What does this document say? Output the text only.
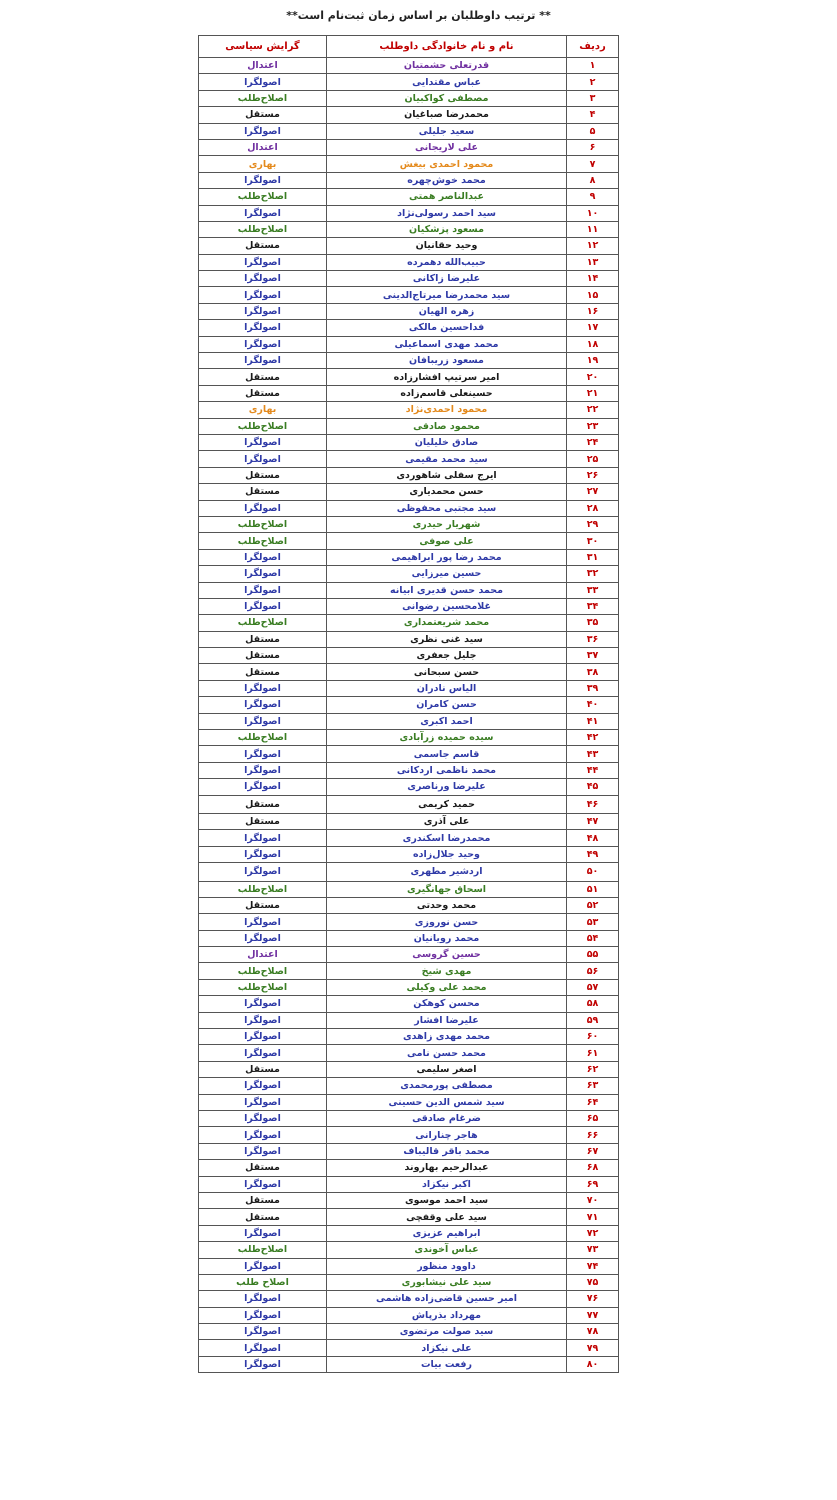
** ترتیب داوطلبان بر اساس زمان ثبت‌نام است**
ردیف	نام و نام خانوادگی داوطلب	گرایش سیاسی
۱	قدرتعلی حشمتیان	اعتدال
۲	عباس مقتدایی	اصولگرا
۳	مصطفی کواکبیان	اصلاح‌طلب
۴	محمدرضا صباغیان	مستقل
۵	سعید جلیلی	اصولگرا
۶	علی لاریجانی	اعتدال
۷	محمود احمدی بیغش	بهاری
۸	محمد خوش‌چهره	اصولگرا
۹	عبدالناصر همتی	اصلاح‌طلب
۱۰	سید احمد رسولی‌نژاد	اصولگرا
۱۱	مسعود پزشکیان	اصلاح‌طلب
۱۲	وحید حقانیان	مستقل
۱۳	حبیب‌الله دهمرده	اصولگرا
۱۴	علیرضا زاکانی	اصولگرا
۱۵	سید محمدرضا میرتاج‌الدینی	اصولگرا
۱۶	زهره الهیان	اصولگرا
۱۷	فداحسین مالکی	اصولگرا
۱۸	محمد مهدی اسماعیلی	اصولگرا
۱۹	مسعود زریبافان	اصولگرا
۲۰	امیر سرتیپ افشارزاده	مستقل
۲۱	حسینعلی قاسم‌زاده	مستقل
۲۲	محمود احمدی‌نژاد	بهاری
۲۳	محمود صادقی	اصلاح‌طلب
۲۴	صادق خلیلیان	اصولگرا
۲۵	سید محمد مقیمی	اصولگرا
۲۶	ایرج سفلی شاهوردی	مستقل
۲۷	حسن محمدیاری	مستقل
۲۸	سید مجتبی محفوظی	اصولگرا
۲۹	شهریار حیدری	اصلاح‌طلب
۳۰	علی صوفی	اصلاح‌طلب
۳۱	محمد رضا پور ابراهیمی	اصولگرا
۳۲	حسین میرزایی	اصولگرا
۳۳	محمد حسن قدیری ابیانه	اصولگرا
۳۴	غلامحسین رضوانی	اصولگرا
۳۵	محمد شریعتمداری	اصلاح‌طلب
۳۶	سید غنی نظری	مستقل
۳۷	جلیل جعفری	مستقل
۳۸	حسن سبحانی	مستقل
۳۹	الیاس نادران	اصولگرا
۴۰	حسن کامران	اصولگرا
۴۱	احمد اکبری	اصولگرا
۴۲	سیده حمیده زرآبادی	اصلاح‌طلب
۴۳	قاسم جاسمی	اصولگرا
۴۴	محمد ناظمی اردکانی	اصولگرا
۴۵	علیرضا ورناصری	اصولگرا
۴۶	حمید کریمی	مستقل
۴۷	علی آذری	مستقل
۴۸	محمدرضا اسکندری	اصولگرا
۴۹	وحید جلال‌زاده	اصولگرا
۵۰	اردشیر مطهری	اصولگرا
۵۱	اسحاق جهانگیری	اصلاح‌طلب
۵۲	محمد وحدتی	مستقل
۵۳	حسن نوروزی	اصولگرا
۵۴	محمد رویانیان	اصولگرا
۵۵	حسین گروسی	اعتدال
۵۶	مهدی شیخ	اصلاح‌طلب
۵۷	محمد علی وکیلی	اصلاح‌طلب
۵۸	محسن کوهکن	اصولگرا
۵۹	علیرضا افشار	اصولگرا
۶۰	محمد مهدی زاهدی	اصولگرا
۶۱	محمد حسن نامی	اصولگرا
۶۲	اصغر سلیمی	مستقل
۶۳	مصطفی پورمحمدی	اصولگرا
۶۴	سید شمس الدین حسینی	اصولگرا
۶۵	ضرغام صادقی	اصولگرا
۶۶	هاجر چنارانی	اصولگرا
۶۷	محمد باقر قالیباف	اصولگرا
۶۸	عبدالرحیم بهاروند	مستقل
۶۹	اکبر نیکزاد	اصولگرا
۷۰	سید احمد موسوی	مستقل
۷۱	سید علی وقفچی	مستقل
۷۲	ابراهیم عزیزی	اصولگرا
۷۳	عباس آخوندی	اصلاح‌طلب
۷۴	داوود منظور	اصولگرا
۷۵	سید علی نیشابوری	اصلاح طلب
۷۶	امیر حسین قاضی‌زاده هاشمی	اصولگرا
۷۷	مهرداد بذرپاش	اصولگرا
۷۸	سید صولت مرتضوی	اصولگرا
۷۹	علی نیکزاد	اصولگرا
۸۰	رفعت بیات	اصولگرا
